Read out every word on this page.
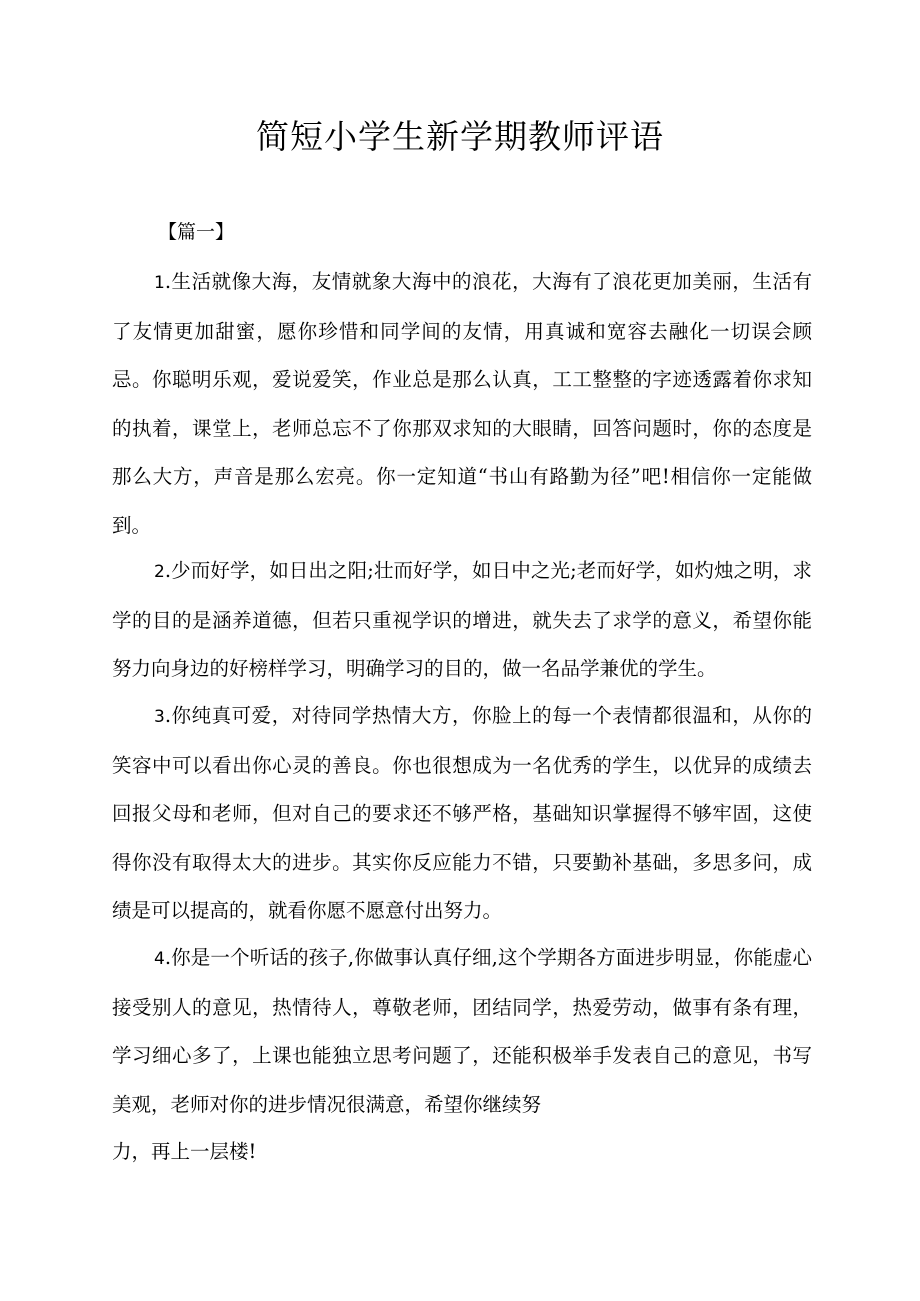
简短小学生新学期教师评语

【篇一】

1.生活就像大海，友情就象大海中的浪花，大海有了浪花更加美丽，生活有了友情更加甜蜜，愿你珍惜和同学间的友情，用真诚和宽容去融化一切误会顾忌。你聪明乐观，爱说爱笑，作业总是那么认真，工工整整的字迹透露着你求知的执着，课堂上，老师总忘不了你那双求知的大眼睛，回答问题时，你的态度是那么大方，声音是那么宏亮。你一定知道“书山有路勤为径”吧!相信你一定能做到。

2.少而好学，如日出之阳;壮而好学，如日中之光;老而好学，如灼烛之明，求学的目的是涵养道德，但若只重视学识的增进，就失去了求学的意义，希望你能努力向身边的好榜样学习，明确学习的目的，做一名品学兼优的学生。

3.你纯真可爱，对待同学热情大方，你脸上的每一个表情都很温和，从你的笑容中可以看出你心灵的善良。你也很想成为一名优秀的学生，以优异的成绩去回报父母和老师，但对自己的要求还不够严格，基础知识掌握得不够牢固，这使得你没有取得太大的进步。其实你反应能力不错，只要勤补基础，多思多问，成绩是可以提高的，就看你愿不愿意付出努力。

4.你是一个听话的孩子,你做事认真仔细,这个学期各方面进步明显，你能虚心接受别人的意见，热情待人，尊敬老师，团结同学，热爱劳动，做事有条有理，学习细心多了，上课也能独立思考问题了，还能积极举手发表自己的意见，书写美观，老师对你的进步情况很满意，希望你继续努

力，再上一层楼!
